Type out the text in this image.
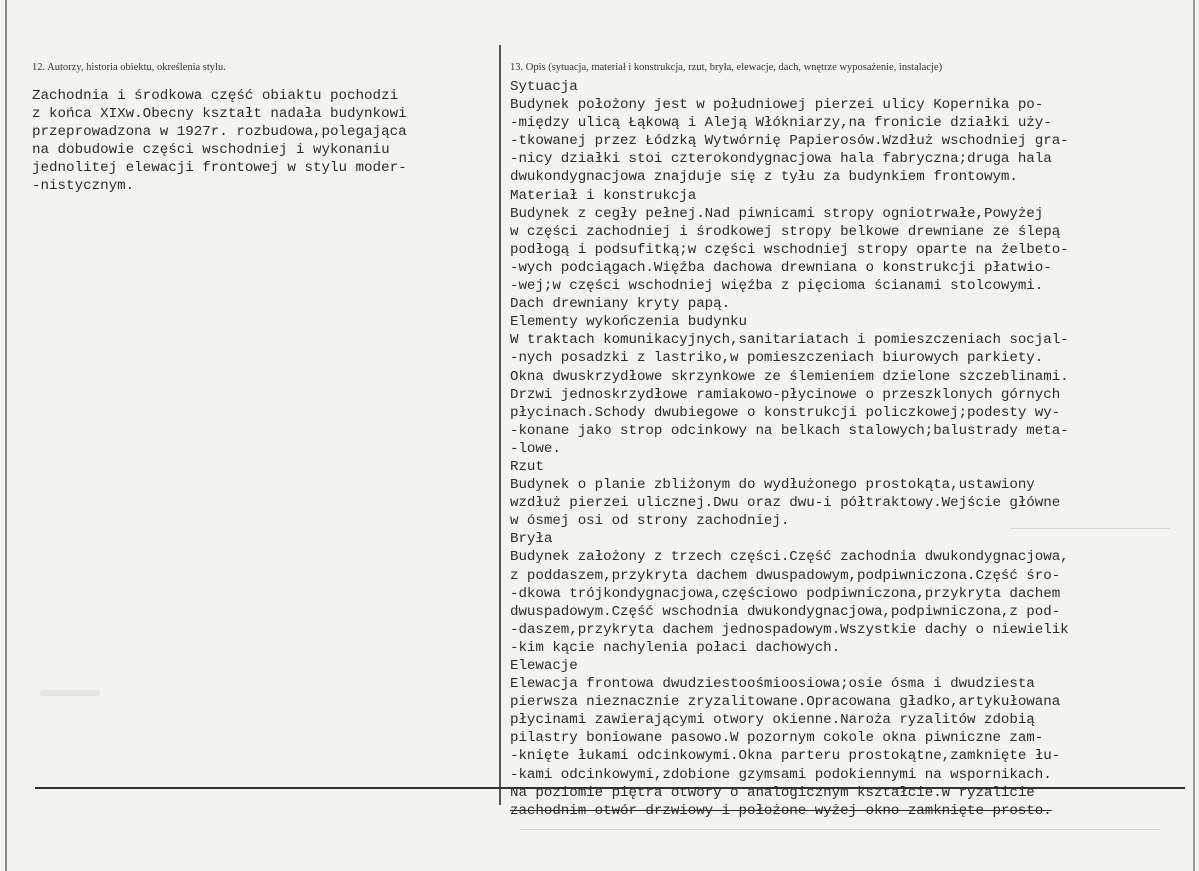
12. Autorzy, historia obiektu, określenia stylu.	13. Opis (sytuacja, materiał i konstrukcja, rzut, bryła, elewacje, dach, wnętrze wyposażenie, instalacje)
Zachodnia i środkowa część obiaktu pochodzi
z końca XIXw.Obecny kształt nadała budynkowi
przeprowadzona w 1927r. rozbudowa,polegająca
na dobudowie części wschodniej i wykonaniu
jednolitej elewacji frontowej w stylu moder-
-nistycznym.
Sytuacja
Budynek położony jest w południowej pierzei ulicy Kopernika po-
-między ulicą Łąkową i Aleją Włókniarzy,na fronicie działki uży-
-tkowanej przez Łódzką Wytwórnię Papierosów.Wzdłuż wschodniej gra-
-nicy działki stoi czterokondygnacjowa hala fabryczna;druga hala
dwukondygnacjowa znajduje się z tyłu za budynkiem frontowym.
Materiał i konstrukcja
Budynek z cegły pełnej.Nad piwnicami stropy ogniotrwałe,Powyżej
w części zachodniej i środkowej stropy belkowe drewniane ze ślepą
podłogą i podsufitką;w części wschodniej stropy oparte na żelbeto-
-wych podciągach.Więźba dachowa drewniana o konstrukcji płatwio-
-wej;w części wschodniej więźba z pięcioma ścianami stolcowymi.
Dach drewniany kryty papą.
Elementy wykończenia budynku
W traktach komunikacyjnych,sanitariatach i pomieszczeniach socjal-
-nych posadzki z lastriko,w pomieszczeniach biurowych parkiety.
Okna dwuskrzydłowe skrzynkowe ze ślemieniem dzielone szczeblinami.
Drzwi jednoskrzydłowe ramiakowo-płycinowe o przeszklonych górnych
płycinach.Schody dwubiegowe o konstrukcji policzkowej;podesty wy-
-konane jako strop odcinkowy na belkach stalowych;balustrady meta-
-lowe.
Rzut
Budynek o planie zbliżonym do wydłużonego prostokąta,ustawiony
wzdłuż pierzei ulicznej.Dwu oraz dwu-i półtraktowy.Wejście główne
w ósmej osi od strony zachodniej.
Bryła
Budynek założony z trzech części.Część zachodnia dwukondygnacjowa,
z poddaszem,przykryta dachem dwuspadowym,podpiwniczona.Część śro-
-dkowa trójkondygnacjowa,częściowo podpiwniczona,przykryta dachem
dwuspadowym.Część wschodnia dwukondygnacjowa,podpiwniczona,z pod-
-daszem,przykryta dachem jednospadowym.Wszystkie dachy o niewielik
-kim kącie nachylenia połaci dachowych.
Elewacje
Elewacja frontowa dwudziestoośmioosiowa;osie ósma i dwudziesta
pierwsza nieznacznie zryzalitowane.Opracowana gładko,artykułowana
płycinami zawierającymi otwory okienne.Naroża ryzalitów zdobią
pilastry boniowane pasowo.W pozornym cokole okna piwniczne zam-
-knięte łukami odcinkowymi.Okna parteru prostokątne,zamknięte łu-
-kami odcinkowymi,zdobione gzymsami podokiennymi na wspornikach.
Na poziomie piętra otwory o analogicznym kształcie.W ryzalicie
zachodnim otwór drzwiowy i położone wyżej okno zamknięte prosto.
